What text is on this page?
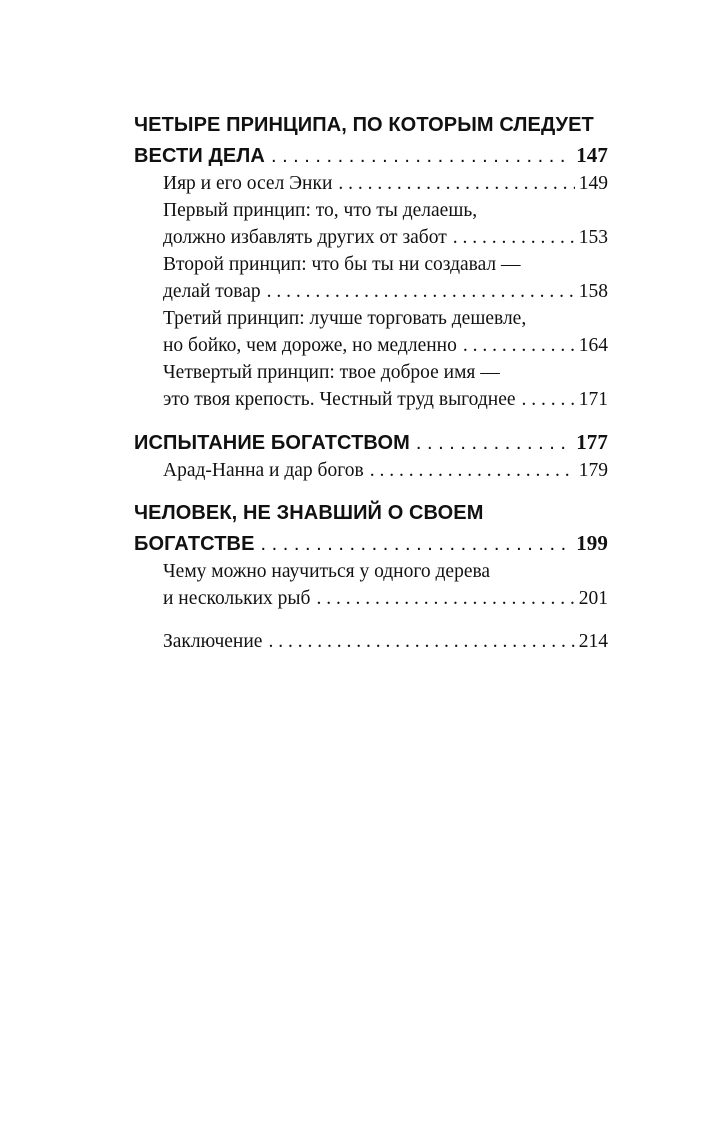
ЧЕТЫРЕ ПРИНЦИПА, ПО КОТОРЫМ СЛЕДУЕТ
ВЕСТИ ДЕЛА . . .	147
Ияр и его осел Энки . . .	149
Первый принцип: то, что ты делаешь,
должно избавлять других от забот . . .	153
Второй принцип: что бы ты ни создавал —
делай товар . . .	158
Третий принцип: лучше торговать дешевле,
но бойко, чем дороже, но медленно . . .	164
Четвертый принцип: твое доброе имя —
это твоя крепость. Честный труд выгоднее . . .	171
ИСПЫТАНИЕ БОГАТСТВОМ . . .	177
Арад-Нанна и дар богов . . .	179
ЧЕЛОВЕК, НЕ ЗНАВШИЙ О СВОЕМ
БОГАТСТВЕ . . .	199
Чему можно научиться у одного дерева
и нескольких рыб . . .	201
Заключение . . .	214
